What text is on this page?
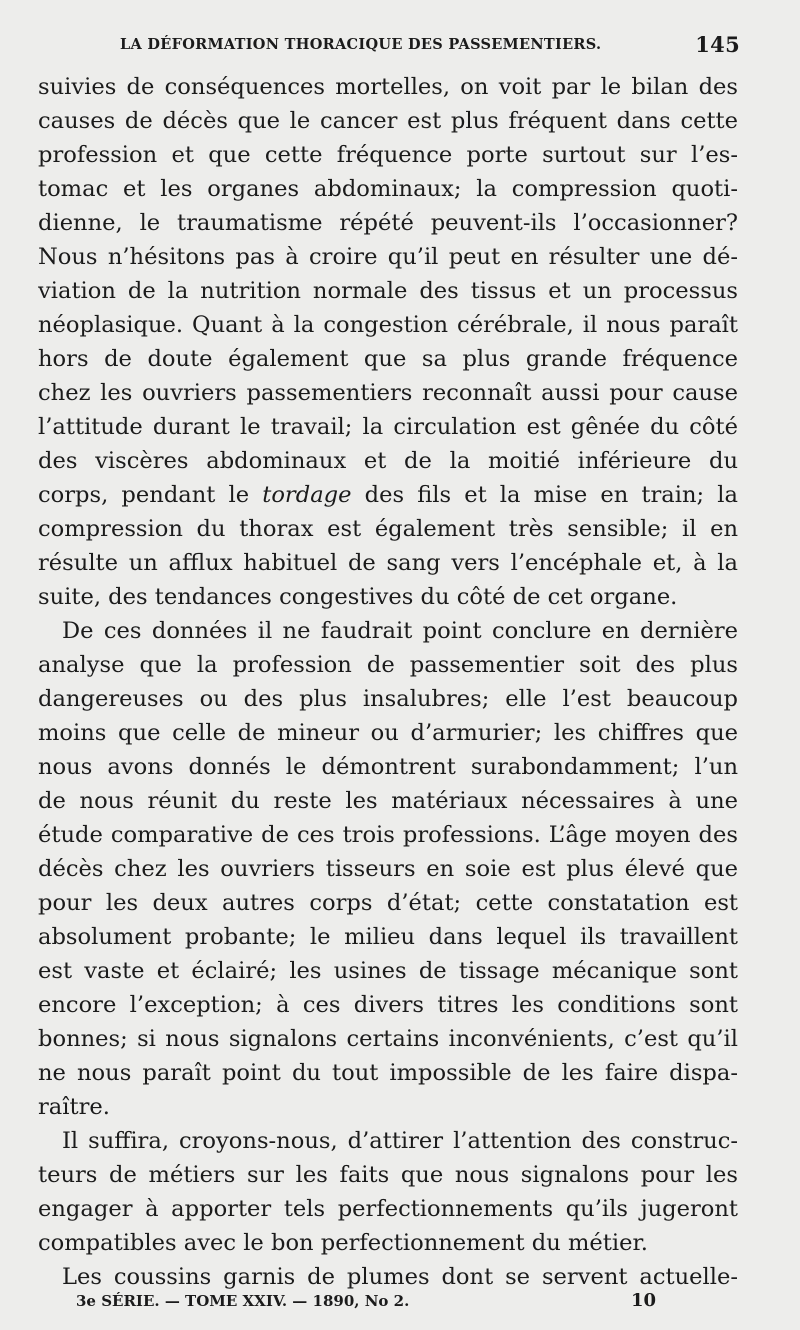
LA DÉFORMATION THORACIQUE DES PASSEMENTIERS.	145
suivies de conséquences mortelles, on voit par le bilan des
causes de décès que le cancer est plus fréquent dans cette
profession et que cette fréquence porte surtout sur l’es-
tomac et les organes abdominaux; la compression quoti-
dienne, le traumatisme répété peuvent-ils l’occasionner?
Nous n’hésitons pas à croire qu’il peut en résulter une dé-
viation de la nutrition normale des tissus et un processus
néoplasique. Quant à la congestion cérébrale, il nous paraît
hors de doute également que sa plus grande fréquence
chez les ouvriers passementiers reconnaît aussi pour cause
l’attitude durant le travail; la circulation est gênée du côté
des viscères abdominaux et de la moitié inférieure du
corps, pendant le tordage des fils et la mise en train; la
compression du thorax est également très sensible; il en
résulte un afflux habituel de sang vers l’encéphale et, à la
suite, des tendances congestives du côté de cet organe.
De ces données il ne faudrait point conclure en dernière
analyse que la profession de passementier soit des plus
dangereuses ou des plus insalubres; elle l’est beaucoup
moins que celle de mineur ou d’armurier; les chiffres que
nous avons donnés le démontrent surabondamment; l’un
de nous réunit du reste les matériaux nécessaires à une
étude comparative de ces trois professions. L’âge moyen des
décès chez les ouvriers tisseurs en soie est plus élevé que
pour les deux autres corps d’état; cette constatation est
absolument probante; le milieu dans lequel ils travaillent
est vaste et éclairé; les usines de tissage mécanique sont
encore l’exception; à ces divers titres les conditions sont
bonnes; si nous signalons certains inconvénients, c’est qu’il
ne nous paraît point du tout impossible de les faire dispa-
raître.
Il suffira, croyons-nous, d’attirer l’attention des construc-
teurs de métiers sur les faits que nous signalons pour les
engager à apporter tels perfectionnements qu’ils jugeront
compatibles avec le bon perfectionnement du métier.
Les coussins garnis de plumes dont se servent actuelle-
3e SÉRIE. — TOME XXIV. — 1890, No 2.	10
